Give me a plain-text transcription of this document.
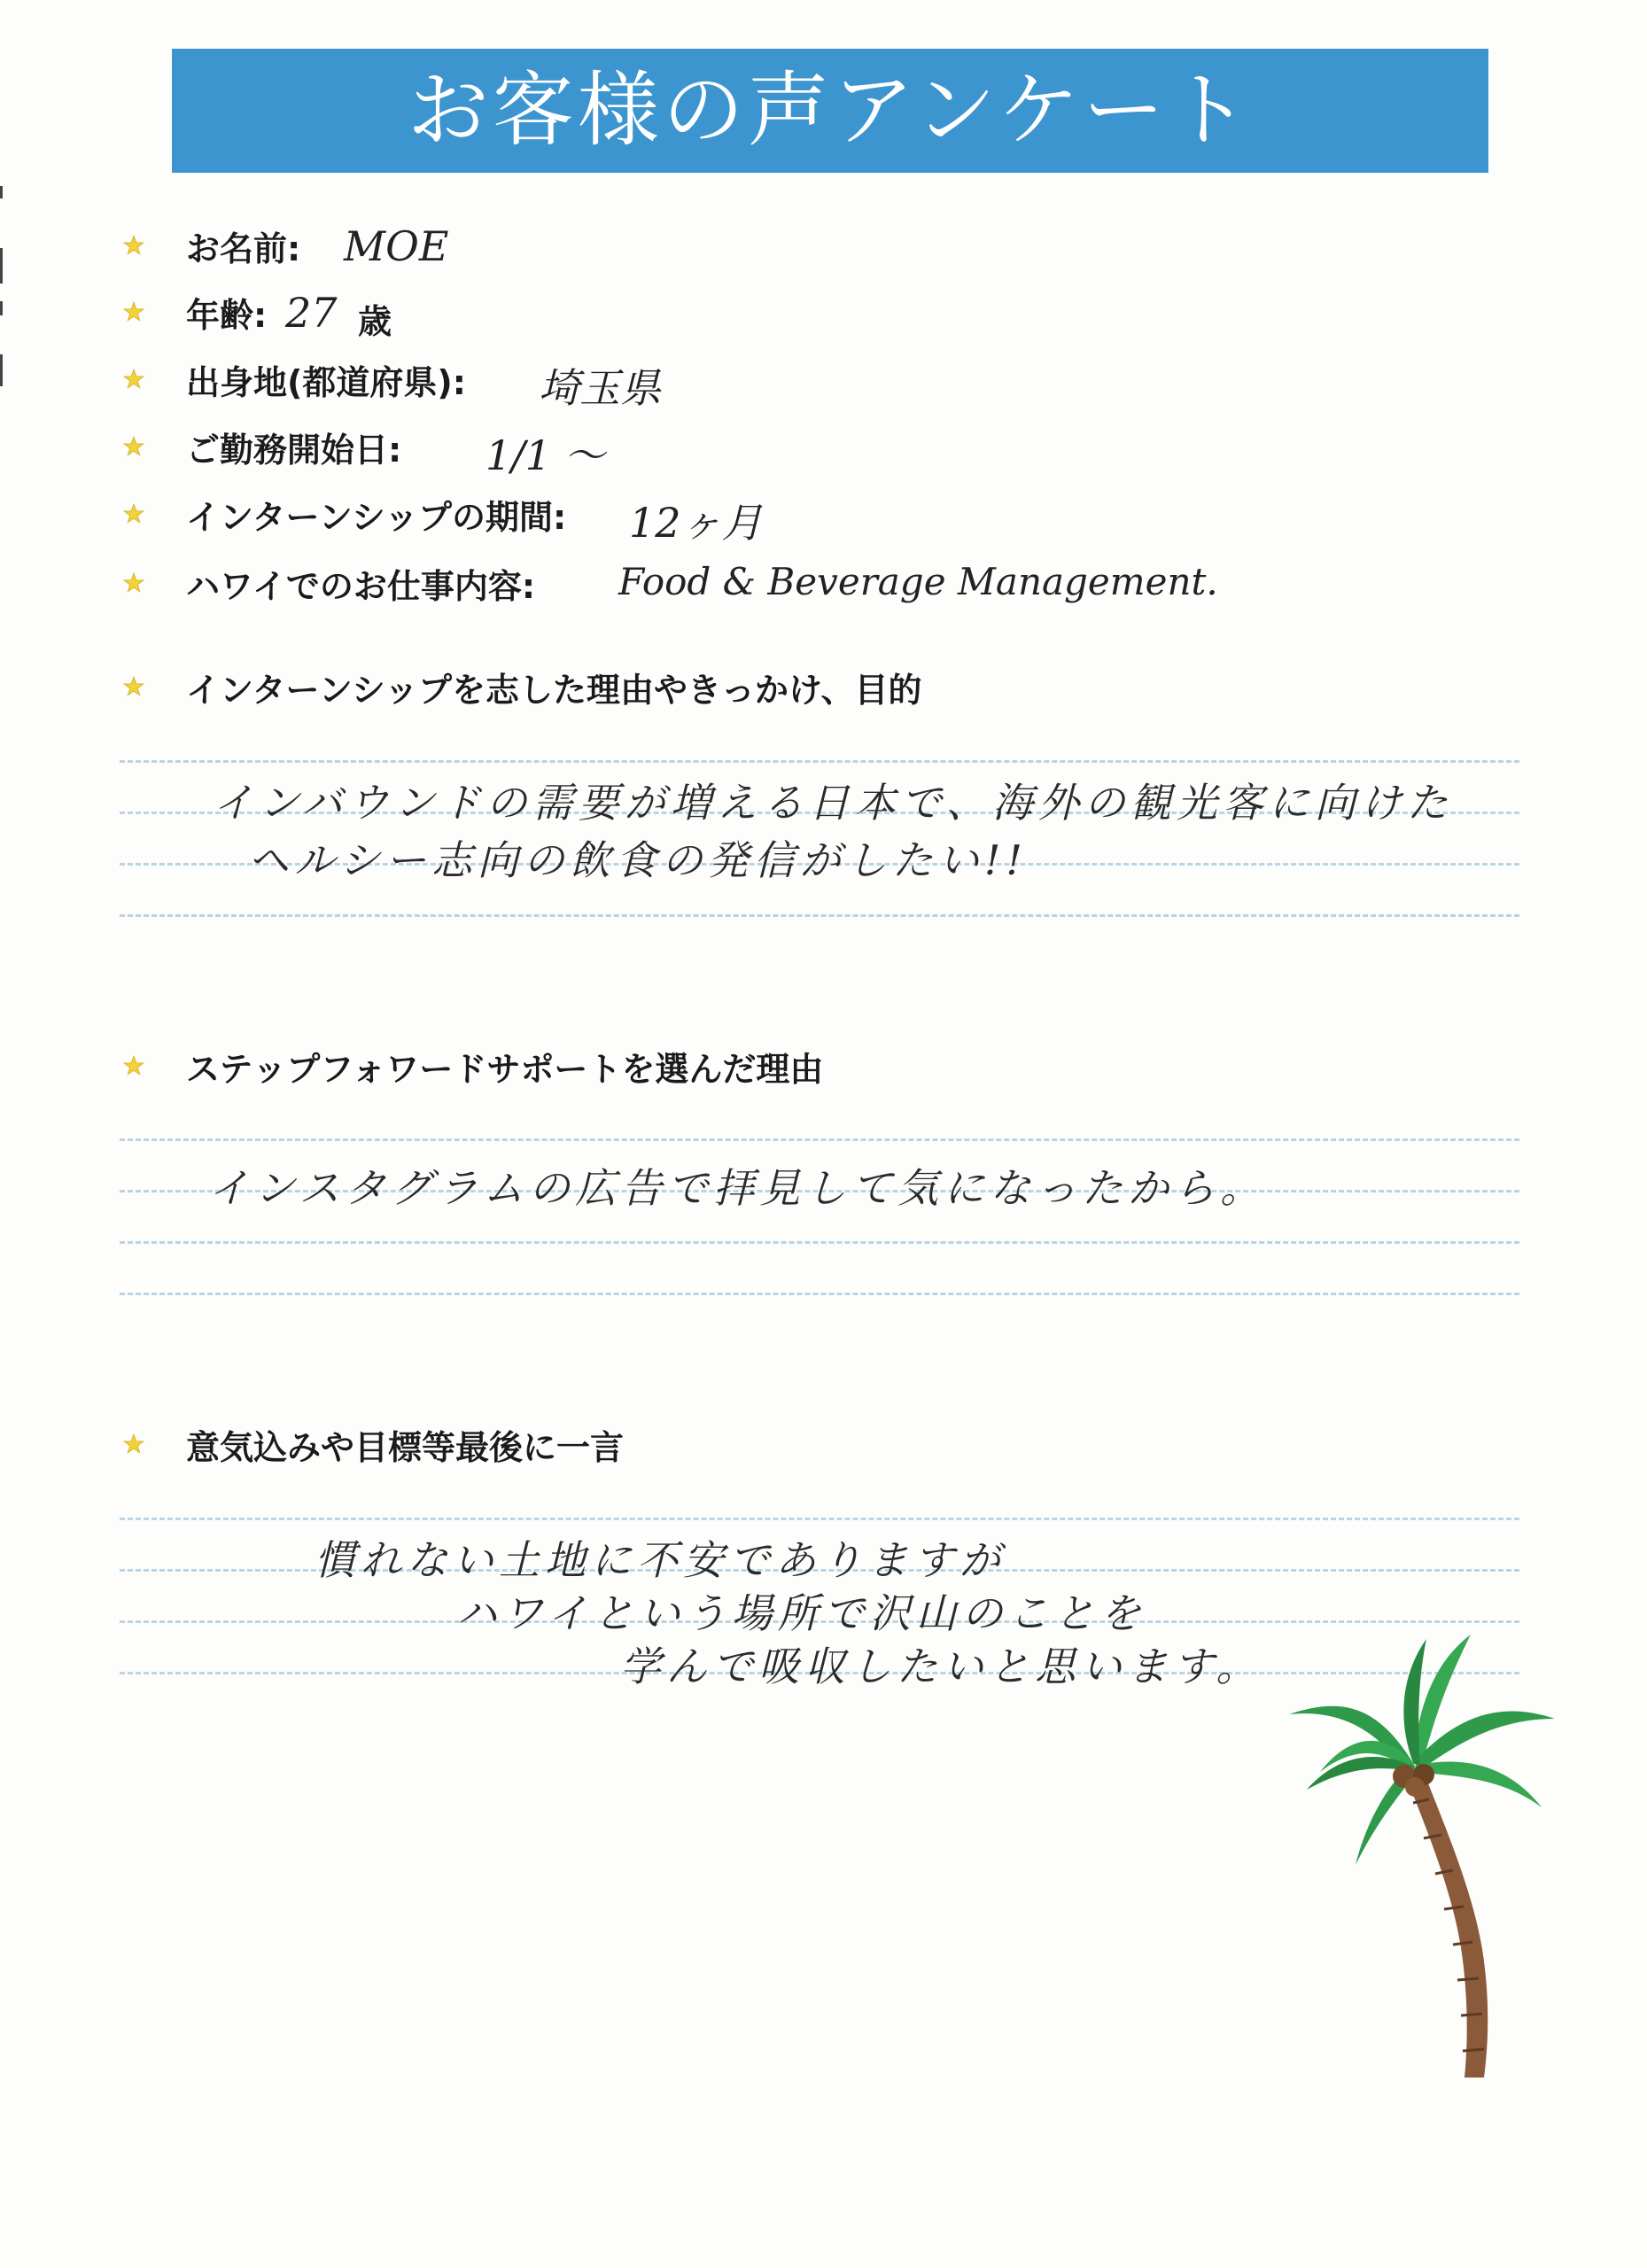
お客様の声アンケート
お名前: MOE
年齢: 27 歳
出身地(都道府県): 埼玉県
ご勤務開始日: 1/1 ～
インターンシップの期間: 12ヶ月
ハワイでのお仕事内容: Food & Beverage Management.
インターンシップを志した理由やきっかけ、目的
インバウンドの需要が増える日本で、海外の観光客に向けた
ヘルシー志向の飲食の発信がしたい!!
ステップフォワードサポートを選んだ理由
インスタグラムの広告で拝見して気になったから。
意気込みや目標等最後に一言
慣れない土地に不安でありますが
ハワイという場所で沢山のことを
学んで吸収したいと思います。
